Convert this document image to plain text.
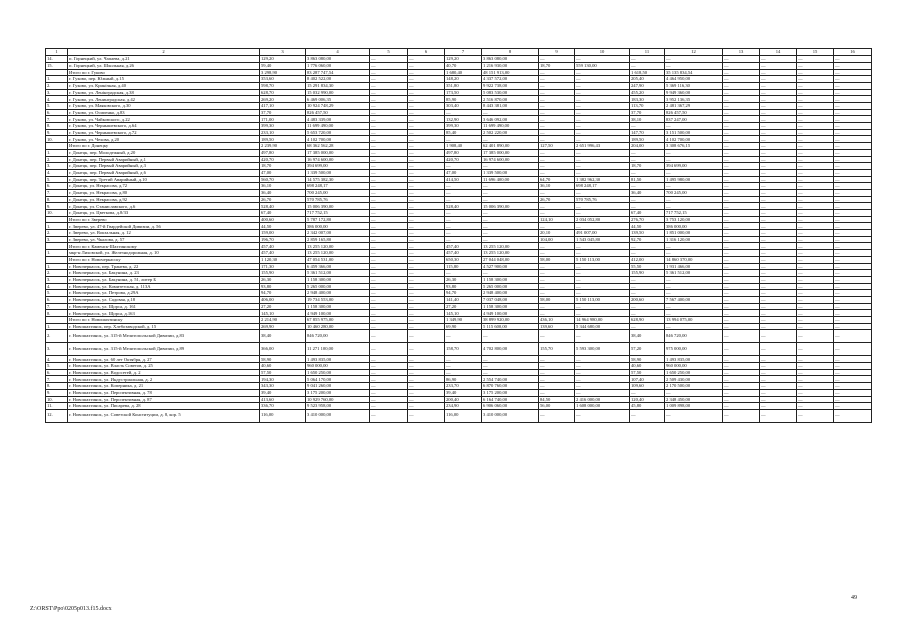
1	2	3	4	5	6	7	8	9	10	11	12	13	14	15	16
14.	п. Горнецкий, ул. Чапаева, д.21	129,20	3 863 080,00	—	—	129,20	3 863 080,00	—	—	—	—	—	—	—	—
15.	п. Горнецкий, ул. Школьная, д.26	59,40	1 776 060,00	—	—	40,70	1 216 930,00	18,70	559 130,00	—	—	—	—	—	—
	Итого по г. Гуково	3 298,90	83 287 747,54	—	—	1 680,40	48 151 913,00	—	—	1 618,50	35 135 834,54	—	—	—	—
1.	г. Гуково, пер. Южный, д.15	353,60	8 402 522,00	—	—	148,20	4 337 572,00	—	—	205,40	4 464 950,00	—	—	—	—
2.	г. Гуково, ул. Кринічная, д.40	598,70	15 291 834,30	—	—	351,80	9 922 738,00	—	—	247,90	5 369 116,30	—	—	—	—
3.	г. Гуково, ул. Ленінградская, д.38	628,70	15 032 990,00	—	—	173,50	5 083 530,00	—	—	455,20	9 949 360,00	—	—	—	—
4.	г. Гуково, ул. Ленинградская, д.42	269,20	6 469 006,35	—	—	85,90	2 516 870,00	—	—	183,30	3 952 136,35	—	—	—	—
5.	г. Гуково, ул. Маяковского, д.30	417,10	10 924 748,29	—	—	303,40	8 443 381,00	—	—	113,70	2 481 367,29	—	—	—	—
6.	г. Гуково, ул. Осипенко, д.83	37,70	826 457,50	—	—	—	—	—	—	37,70	826 457,50	—	—	—	—
7.	г. Гуково, ул. Чайковского, д.22	171,00	4 483 339,00	—	—	132,90	3 646 092,00	—	—	38,10	837 247,00	—	—	—	—
8.	г. Гуково, ул. Чернышевского, д.64	399,30	11 699 490,00	—	—	399,30	11 699 490,00	—	—	—	—	—	—	—	—
9.	г. Гуково, ул. Чернышевского, д.72	233,10	5 653 720,00	—	—	85,40	2 502 220,00	—	—	147,70	3 151 500,00	—	—	—	—
10.	г. Гуково, ул. Чехова, д.20	189,50	4 102 700,00	—	—	—	—	—	—	189,50	4 102 700,00	—	—	—	—
	Итого по г. Донецку	2 239,90	68 362 562,28	—	—	1 908,40	62 401 890,00	127,50	2 651 996,43	204,00	3 308 676,15	—	—	—	—
1.	г. Донецк, пер. Молодежный, д.20	497,80	17 385 000,00	—	—	497,80	17 385 000,00	—	—	—	—	—	—	—	—
2.	г. Донецк, пер. Первый Аварийный, д.1	420,70	16 974 600,00	—	—	420,70	16 974 600,00	—	—	—	—	—	—	—	—
3.	г. Донецк, пер. Первый Аварийный, д.3	18,70	394 699,00	—	—	—	—	—	—	18,70	394 699,00	—	—	—	—
4.	г. Донецк, пер. Первый Аварийный, д.6	47,00	1 339 500,00	—	—	47,00	1 339 500,00	—	—	—	—	—	—	—	—
5.	г. Донецк, пер. Третий Аварийный, д.10	560,70	14 575 382,30	—	—	414,50	11 696 400,00	64,70	1 382 962,30	81,50	1 495 980,00	—	—	—	—
6.	г. Донецк, ул. Некрасова, д.72	36,10	698 248,17	—	—	—	—	36,10	698 248,17	—	—	—	—	—	—
7.	г. Донецк, ул. Некрасова, д.80	36,40	700 245,00	—	—	—	—	—	—	36,40	700 245,00	—	—	—	—
8.	г. Донецк, ул. Некрасова, д.92	26,70	570 785,76	—	—	—	—	26,70	570 785,76	—	—	—	—	—	—
9.	г. Донецк, ул. Станиславского, д.6	528,40	15 006 390,00	—	—	528,40	15 006 390,00	—	—	—	—	—	—	—	—
10.	г. Донецк, ул. Цветкова, д.8/33	67,40	717 752,15	—	—	—	—	—	—	67,40	717 752,15	—	—	—	—
	Итого по г. Зверево	400,60	5 787 172,80	—	—	—	—	124,10	2 034 052,80	276,70	3 753 120,00	—	—	—	—
1.	г. Зверево, ул. 47-й Гвардейской Дивизии, д. 56	44,50	386 000,00	—	—	—	—	—	—	44,50	386 000,00	—	—	—	—
2.	г. Зверево, ул. Вокзальная, д. 12	159,00	2 342 007,00	—	—	—	—	20,10	491 007,00	139,50	1 851 000,00	—	—	—	—
3.	г. Зверево, ул. Чкалова, д. 57	196,70	2 859 165,80	—	—	—	—	104,00	1 543 045,80	92,70	1 316 120,00	—	—	—	—
	Итого по г. Каменск-Шахтинскому	457,40	13 255 120,00	—	—	457,40	13 255 120,00	—	—	—	—	—	—	—	—
1.	мкр-н Лиховской, ул. Железнодорожная, д. 10	457,40	13 255 120,00	—	—	457,40	13 255 120,00	—	—	—	—	—	—	—	—
	Итого по г. Новочеркасску	1 120,30	47 054 531,00	—	—	650,30	27 044 048,00	58,00	5 150 113,00	412,00	14 860 370,00	—	—	—	—
1.	г. Новочеркасск, пер. Транева, д. 22	171,30	6 459 366,00	—	—	115,80	4 527 900,00	—	—	55,50	1 931 466,00	—	—	—	—
2.	г. Новочеркасск, ул. Бакунина, д. 23	155,90	5 361 512,00	—	—	—	—	—	—	155,90	5 361 512,00	—	—	—	—
3.	г. Новочеркасск, ул. Бакунина, д. 51, литер Б	26,30	1 158 300,00	—	—	26,30	1 158 300,00	—	—	—	—	—	—	—	—
4.	г. Новочеркасск, ул. Комитетская, д. 113А	93,80	5 265 000,00	—	—	93,80	5 265 000,00	—	—	—	—	—	—	—	—
5.	г. Новочеркасск, ул. Петрова, д.29А	94,70	2 948 400,00	—	—	94,70	2 948 400,00	—	—	—	—	—	—	—	—
6.	г. Новочеркасск, ул. Садовая, д.18	406,00	19 734 553,00	—	—	141,40	7 037 048,00	58,00	5 150 113,00	200,60	7 567 400,00	—	—	—	—
7.	г. Новочеркасск, ул. Щорса, д. 161	27,20	1 158 300,00	—	—	27,20	1 158 300,00	—	—	—	—	—	—	—	—
8.	г. Новочеркасск, ул. Щорса, д.163	145,10	4 949 100,00	—	—	145,10	4 949 100,00	—	—	—	—	—	—	—	—
	Итого по г. Новошахтинску	2 214,90	67 855 975,00	—	—	1 349,90	38 899 920,00	436,10	14 964 980,00	628,90	13 994 075,00	—	—	—	—
1.	г. Новошахтинск, пер. Хлебозаводской, д. 15	269,90	10 460 280,00	—	—	69,90	5 115 600,00	139,60	5 344 680,00	—	—	—	—	—	—
2.	г. Новошахтинск, ул. 315-й Мелитопольской Дивизии, д.83	38,40	846 720,00	—	—	—	—	—	—	38,40	846 720,00	—	—	—	—
3.	г. Новошахтинск, ул. 315-й Мелитопольской Дивизии, д.89	366,00	11 271 100,00	—	—	158,70	4 702 800,00	155,70	5 593 300,00	57,20	975 000,00	—	—	—	—
4.	г. Новошахтинск, ул. 60 лет Октября, д. 27	58,90	1 493 835,00	—	—	—	—	—	—	58,90	1 493 835,00	—	—	—	—
5.	г. Новошахтинск, ул. Власть Советов, д. 25	40,60	960 000,00	—	—	—	—	—	—	40,60	960 000,00	—	—	—	—
6.	г. Новошахтинск, ул. Водосетей, д. 2	57,50	1 650 250,00	—	—	—	—	—	—	57,50	1 650 250,00	—	—	—	—
7.	г. Новошахтинск, ул. Индустриальная, д. 2	194,30	5 064 170,00	—	—	86,90	2 554 740,00	—	—	107,40	2 509 430,00	—	—	—	—
8.	г. Новошахтинск, ул. Коперника, д. 21	343,30	9 041 260,00	—	—	233,70	6 870 760,00	—	—	109,60	2 170 500,00	—	—	—	—
9.	г. Новошахтинск, ул. Перспективная, д. 78	39,40	3 175 200,00	—	—	39,40	3 175 200,00	—	—	—	—	—	—	—	—
10.	г. Новошахтинск, ул. Перспективная, д. 87	413,60	10 929 760,00	—	—	200,40	6 164 740,00	84,50	2 416 000,00	120,40	2 348 450,00	—	—	—	—
11.	г. Новошахтинск, ул. Писарева, д. 28	336,70	9 523 958,00	—	—	234,90	6 906 060,00	56,00	1 608 000,00	45,80	1 009 898,00	—	—	—	—
12.	г. Новошахтинск, ул. Советской Конституции, д. 8, кор. 5	116,00	3 410 000,00	—	—	116,00	3 410 000,00	—	—	—	—	—	—	—	—
49
Z:\ORST\Ppo\0205p013.f15.docx
